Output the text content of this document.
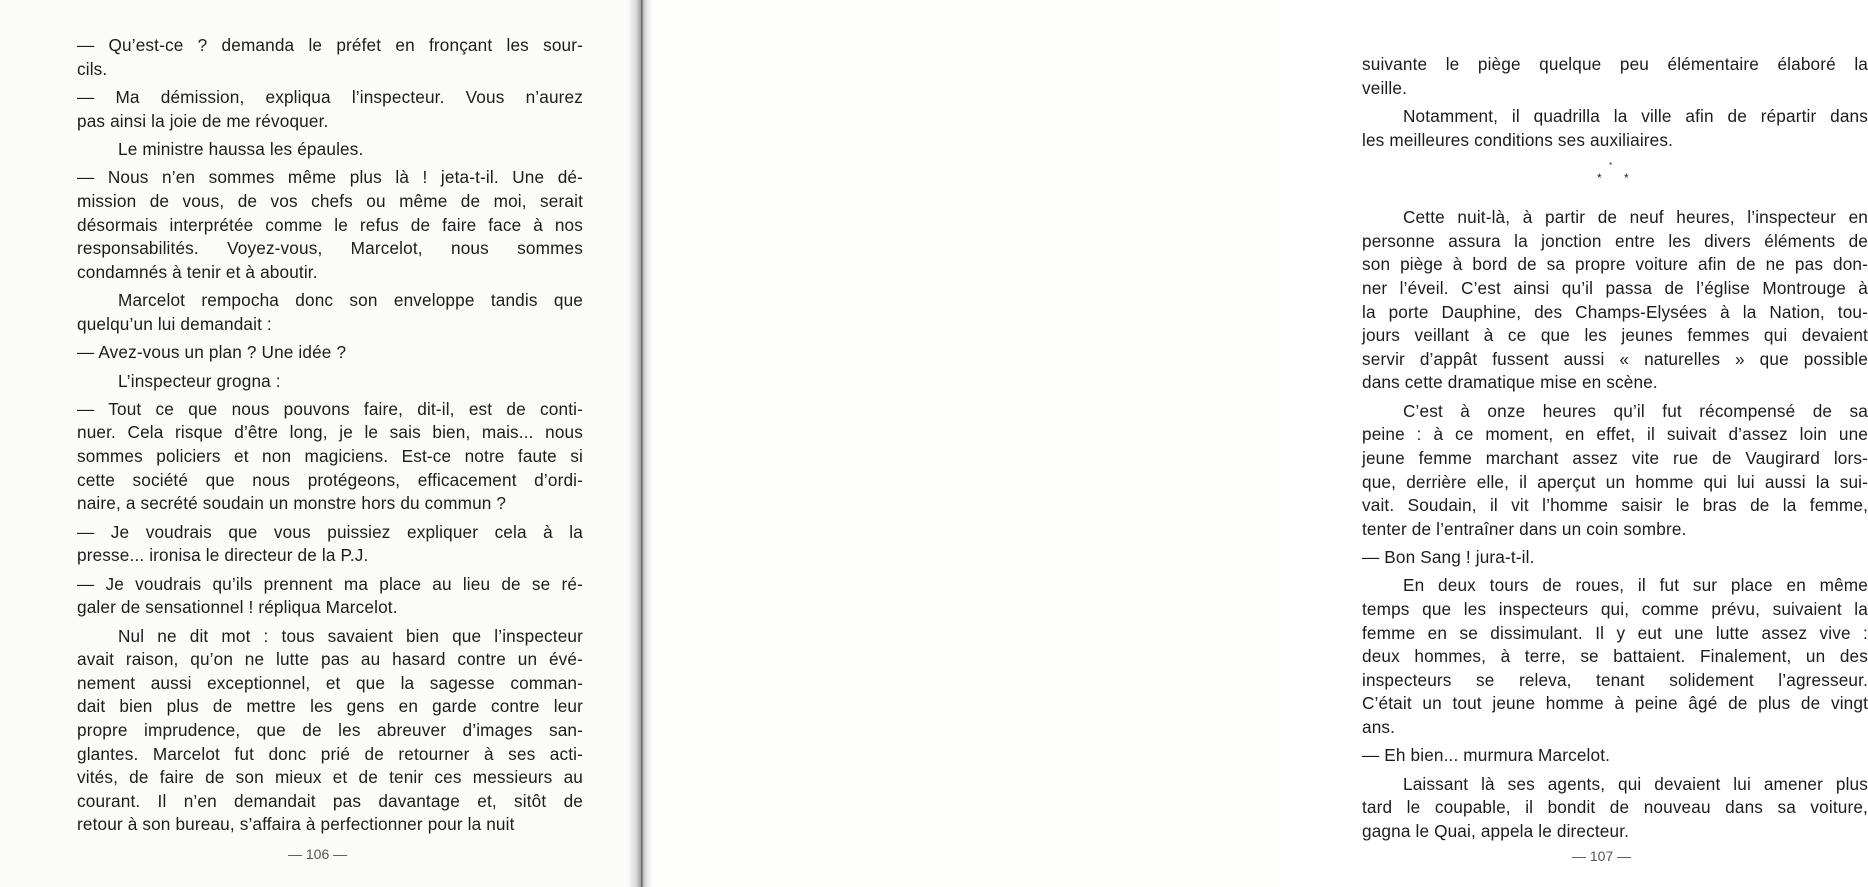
— Qu’est-ce ? demanda le préfet en fronçant les sour-
cils.
— Ma démission, expliqua l’inspecteur. Vous n’aurez
pas ainsi la joie de me révoquer.
Le ministre haussa les épaules.
— Nous n’en sommes même plus là ! jeta-t-il. Une dé-
mission de vous, de vos chefs ou même de moi, serait
désormais interprétée comme le refus de faire face à nos
responsabilités. Voyez-vous, Marcelot, nous sommes
condamnés à tenir et à aboutir.
Marcelot rempocha donc son enveloppe tandis que
quelqu’un lui demandait :
— Avez-vous un plan ? Une idée ?
L’inspecteur grogna :
— Tout ce que nous pouvons faire, dit-il, est de conti-
nuer. Cela risque d’être long, je le sais bien, mais... nous
sommes policiers et non magiciens. Est-ce notre faute si
cette société que nous protégeons, efficacement d’ordi-
naire, a secrété soudain un monstre hors du commun ?
— Je voudrais que vous puissiez expliquer cela à la
presse... ironisa le directeur de la P.J.
— Je voudrais qu’ils prennent ma place au lieu de se ré-
galer de sensationnel ! répliqua Marcelot.
Nul ne dit mot : tous savaient bien que l’inspecteur
avait raison, qu’on ne lutte pas au hasard contre un évé-
nement aussi exceptionnel, et que la sagesse comman-
dait bien plus de mettre les gens en garde contre leur
propre imprudence, que de les abreuver d’images san-
glantes. Marcelot fut donc prié de retourner à ses acti-
vités, de faire de son mieux et de tenir ces messieurs au
courant. Il n’en demandait pas davantage et, sitôt de
retour à son bureau, s’affaira à perfectionner pour la nuit
— 106 —
suivante le piège quelque peu élémentaire élaboré la
veille.
Notamment, il quadrilla la ville afin de répartir dans
les meilleures conditions ses auxiliaires.
*
* *
Cette nuit-là, à partir de neuf heures, l’inspecteur en
personne assura la jonction entre les divers éléments de
son piège à bord de sa propre voiture afin de ne pas don-
ner l’éveil. C’est ainsi qu’il passa de l’église Montrouge à
la porte Dauphine, des Champs-Elysées à la Nation, tou-
jours veillant à ce que les jeunes femmes qui devaient
servir d’appât fussent aussi « naturelles » que possible
dans cette dramatique mise en scène.
C’est à onze heures qu’il fut récompensé de sa
peine : à ce moment, en effet, il suivait d’assez loin une
jeune femme marchant assez vite rue de Vaugirard lors-
que, derrière elle, il aperçut un homme qui lui aussi la sui-
vait. Soudain, il vit l’homme saisir le bras de la femme,
tenter de l’entraîner dans un coin sombre.
— Bon Sang ! jura-t-il.
En deux tours de roues, il fut sur place en même
temps que les inspecteurs qui, comme prévu, suivaient la
femme en se dissimulant. Il y eut une lutte assez vive :
deux hommes, à terre, se battaient. Finalement, un des
inspecteurs se releva, tenant solidement l’agresseur.
C’était un tout jeune homme à peine âgé de plus de vingt
ans.
— Eh bien... murmura Marcelot.
Laissant là ses agents, qui devaient lui amener plus
tard le coupable, il bondit de nouveau dans sa voiture,
gagna le Quai, appela le directeur.
— 107 —
